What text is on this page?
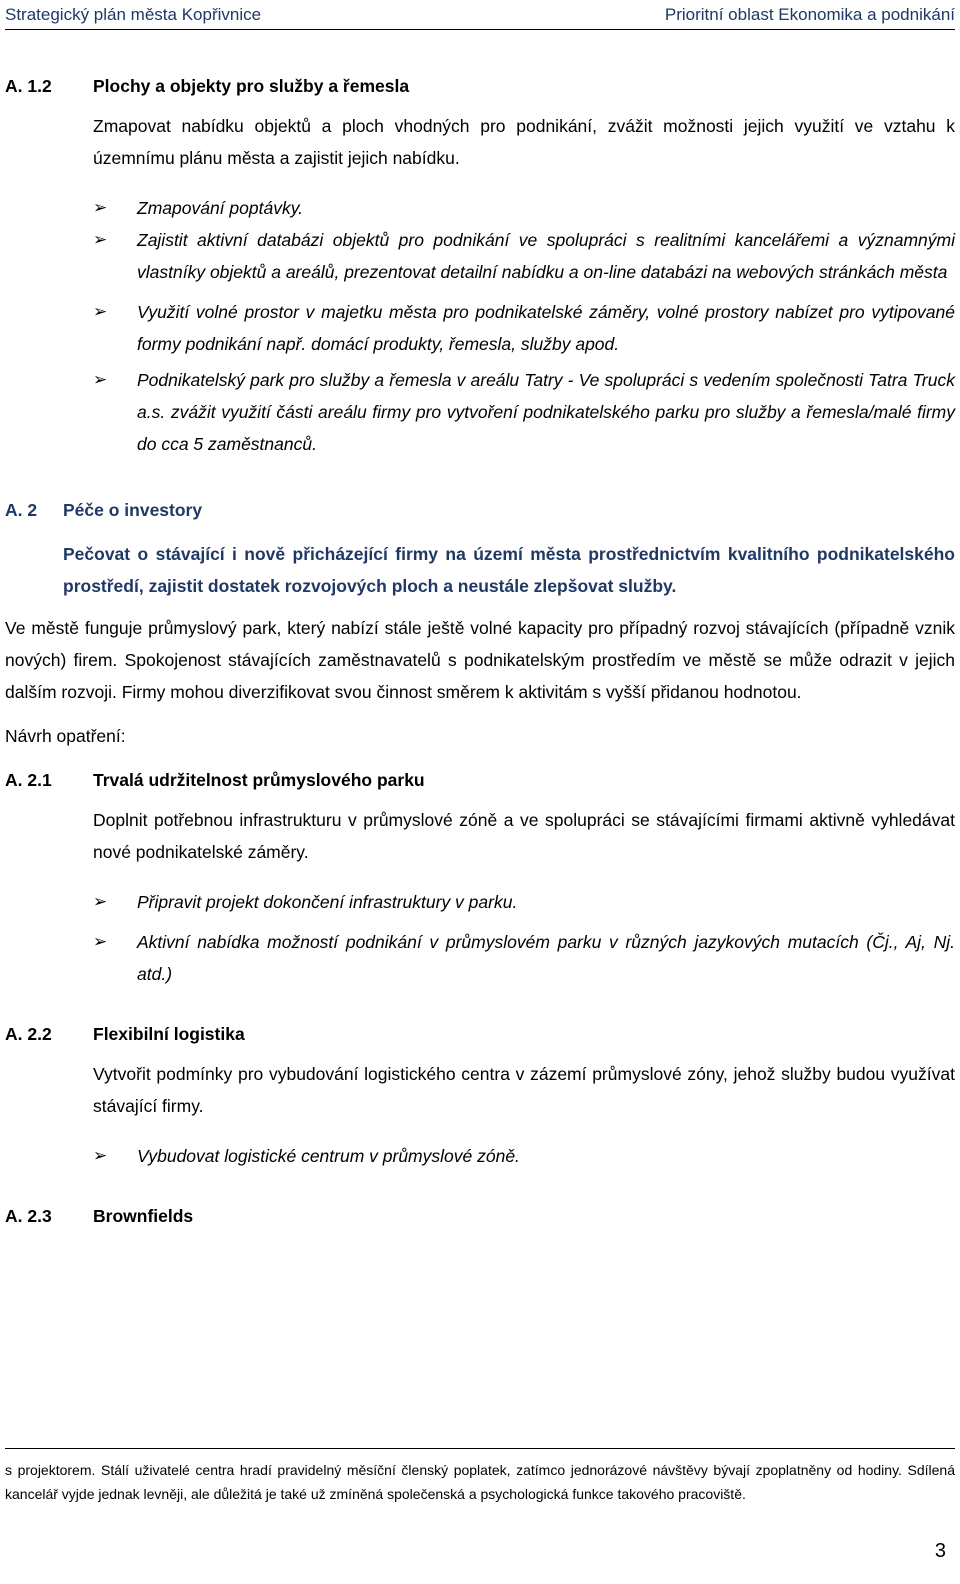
Strategický plán města Kopřivnice	Prioritní oblast Ekonomika a podnikání
A. 1.2	Plochy a objekty pro služby a řemesla
Zmapovat nabídku objektů a ploch vhodných pro podnikání, zvážit možnosti jejich využití ve vztahu k územnímu plánu města a zajistit jejich nabídku.
➢	Zmapování poptávky.
➢	Zajistit aktivní databázi objektů pro podnikání ve spolupráci s realitními kancelářemi a významnými vlastníky objektů a areálů, prezentovat detailní nabídku a on-line databázi na webových stránkách města
➢	Využití volné prostor v majetku města pro podnikatelské záměry, volné prostory nabízet pro vytipované formy podnikání např. domácí produkty, řemesla, služby apod.
➢	Podnikatelský park pro služby a řemesla v areálu Tatry - Ve spolupráci s vedením společnosti Tatra Truck a.s. zvážit využití části areálu firmy pro vytvoření podnikatelského parku pro služby a řemesla/malé firmy do cca 5 zaměstnanců.
A. 2	Péče o investory
Pečovat o stávající i nově přicházející firmy na území města prostřednictvím kvalitního podnikatelského prostředí, zajistit dostatek rozvojových ploch a neustále zlepšovat služby.
Ve městě funguje průmyslový park, který nabízí stále ještě volné kapacity pro případný rozvoj stávajících (případně vznik nových) firem. Spokojenost stávajících zaměstnavatelů s podnikatelským prostředím ve městě se může odrazit v jejich dalším rozvoji. Firmy mohou diverzifikovat svou činnost směrem k aktivitám s vyšší přidanou hodnotou.
Návrh opatření:
A. 2.1	Trvalá udržitelnost průmyslového parku
Doplnit potřebnou infrastrukturu v průmyslové zóně a ve spolupráci se stávajícími firmami aktivně vyhledávat nové podnikatelské záměry.
➢	Připravit projekt dokončení infrastruktury v parku.
➢	Aktivní nabídka možností podnikání v průmyslovém parku v různých jazykových mutacích (Čj., Aj, Nj. atd.)
A. 2.2	Flexibilní logistika
Vytvořit podmínky pro vybudování logistického centra v zázemí průmyslové zóny, jehož služby budou využívat stávající firmy.
➢	Vybudovat logistické centrum v průmyslové zóně.
A. 2.3	Brownfields
s projektorem. Stálí uživatelé centra hradí pravidelný měsíční členský poplatek, zatímco jednorázové návštěvy bývají zpoplatněny od hodiny. Sdílená kancelář vyjde jednak levněji, ale důležitá je také už zmíněná společenská a psychologická funkce takového pracoviště.
3
